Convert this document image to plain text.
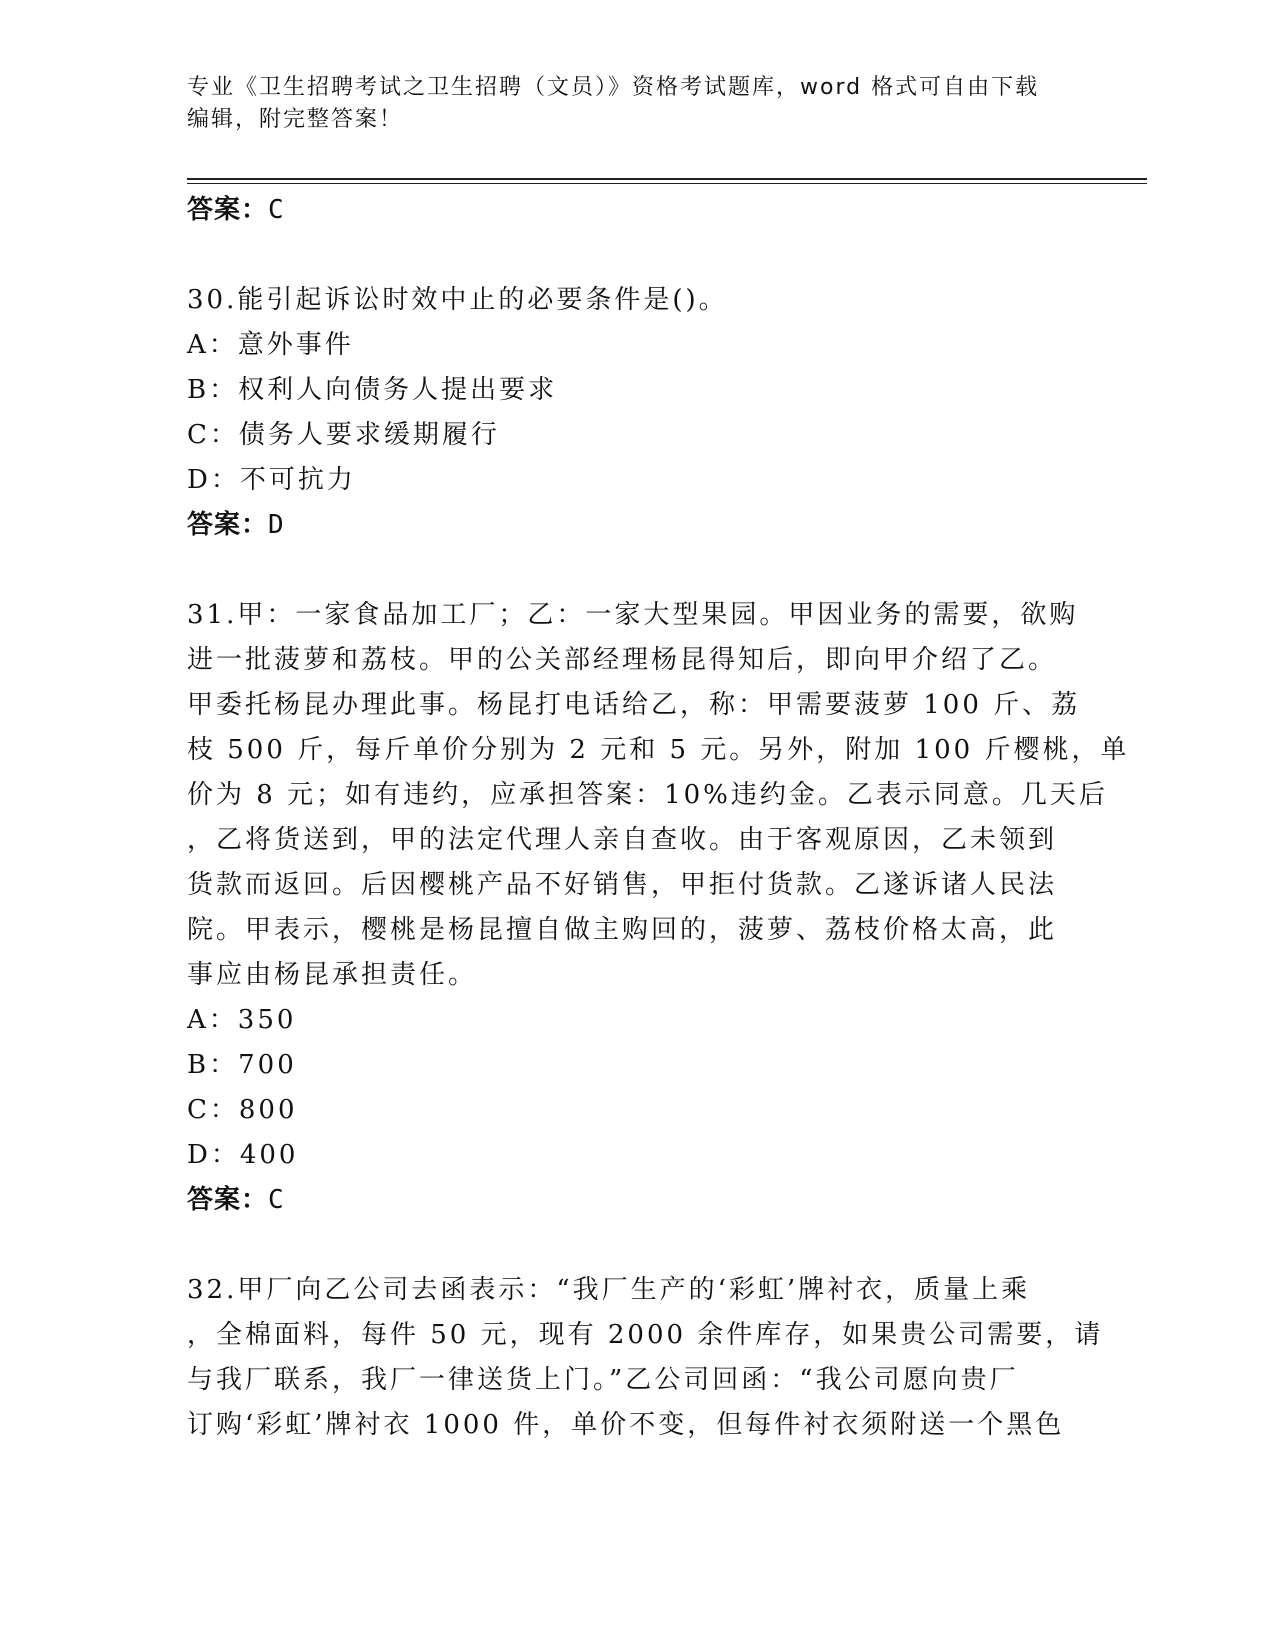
专业《卫生招聘考试之卫生招聘（文员）》资格考试题库，word 格式可自由下载

编辑，附完整答案！

答案：C

30.能引起诉讼时效中止的必要条件是()。

A：意外事件

B：权利人向债务人提出要求

C：债务人要求缓期履行

D：不可抗力

答案：D

31.甲：一家食品加工厂；乙：一家大型果园。甲因业务的需要，欲购

进一批菠萝和荔枝。甲的公关部经理杨昆得知后，即向甲介绍了乙。

甲委托杨昆办理此事。杨昆打电话给乙，称：甲需要菠萝 100 斤、荔

枝 500 斤，每斤单价分别为 2 元和 5 元。另外，附加 100 斤樱桃，单

价为 8 元；如有违约，应承担答案：10%违约金。乙表示同意。几天后

，乙将货送到，甲的法定代理人亲自查收。由于客观原因，乙未领到

货款而返回。后因樱桃产品不好销售，甲拒付货款。乙遂诉诸人民法

院。甲表示，樱桃是杨昆擅自做主购回的，菠萝、荔枝价格太高，此

事应由杨昆承担责任。

A：350

B：700

C：800

D：400

答案：C

32.甲厂向乙公司去函表示：“我厂生产的‘彩虹’牌衬衣，质量上乘

，全棉面料，每件 50 元，现有 2000 余件库存，如果贵公司需要，请

与我厂联系，我厂一律送货上门。”乙公司回函：“我公司愿向贵厂

订购‘彩虹’牌衬衣 1000 件，单价不变，但每件衬衣须附送一个黑色
